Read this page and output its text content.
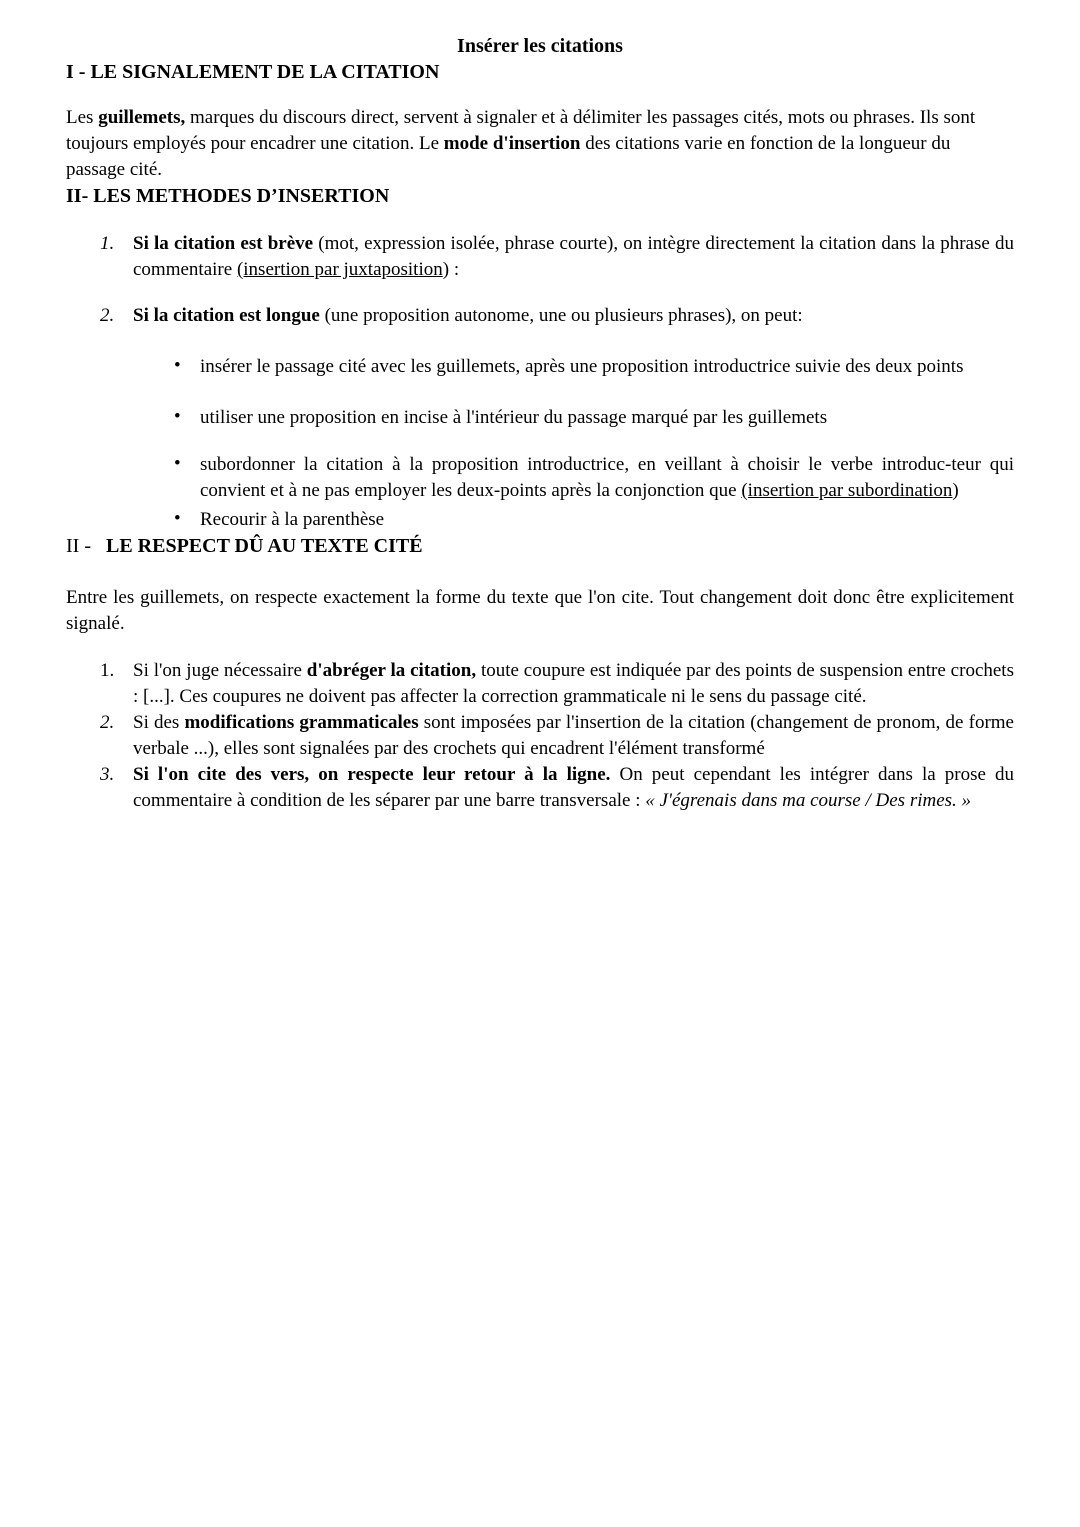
Insérer les citations
I - LE SIGNALEMENT DE LA CITATION

Les guillemets, marques du discours direct, servent à signaler et à délimiter les passages cités, mots ou phrases. Ils sont toujours employés pour encadrer une citation. Le mode d'insertion des citations varie en fonction de la longueur du passage cité.

II- LES METHODES D’INSERTION
1. Si la citation est brève (mot, expression isolée, phrase courte), on intègre directement la citation dans la phrase du commentaire (insertion par juxtaposition) :
2. Si la citation est longue (une proposition autonome, une ou plusieurs phrases), on peut:
• insérer le passage cité avec les guillemets, après une proposition introductrice suivie des deux points
• utiliser une proposition en incise à l'intérieur du passage marqué par les guillemets
• subordonner la citation à la proposition introductrice, en veillant à choisir le verbe introduc-teur qui convient et à ne pas employer les deux-points après la conjonction que (insertion par subordination)
• Recourir à la parenthèse
II - LE RESPECT DÛ AU TEXTE CITÉ

Entre les guillemets, on respecte exactement la forme du texte que l'on cite. Tout changement doit donc être explicitement signalé.

1. Si l'on juge nécessaire d'abréger la citation, toute coupure est indiquée par des points de suspension entre crochets : [...]. Ces coupures ne doivent pas affecter la correction grammaticale ni le sens du passage cité.
2. Si des modifications grammaticales sont imposées par l'insertion de la citation (changement de pronom, de forme verbale ...), elles sont signalées par des crochets qui encadrent l'élément transformé
3. Si l'on cite des vers, on respecte leur retour à la ligne. On peut cependant les intégrer dans la prose du commentaire à condition de les séparer par une barre transversale : « J'égrenais dans ma course / Des rimes. »
